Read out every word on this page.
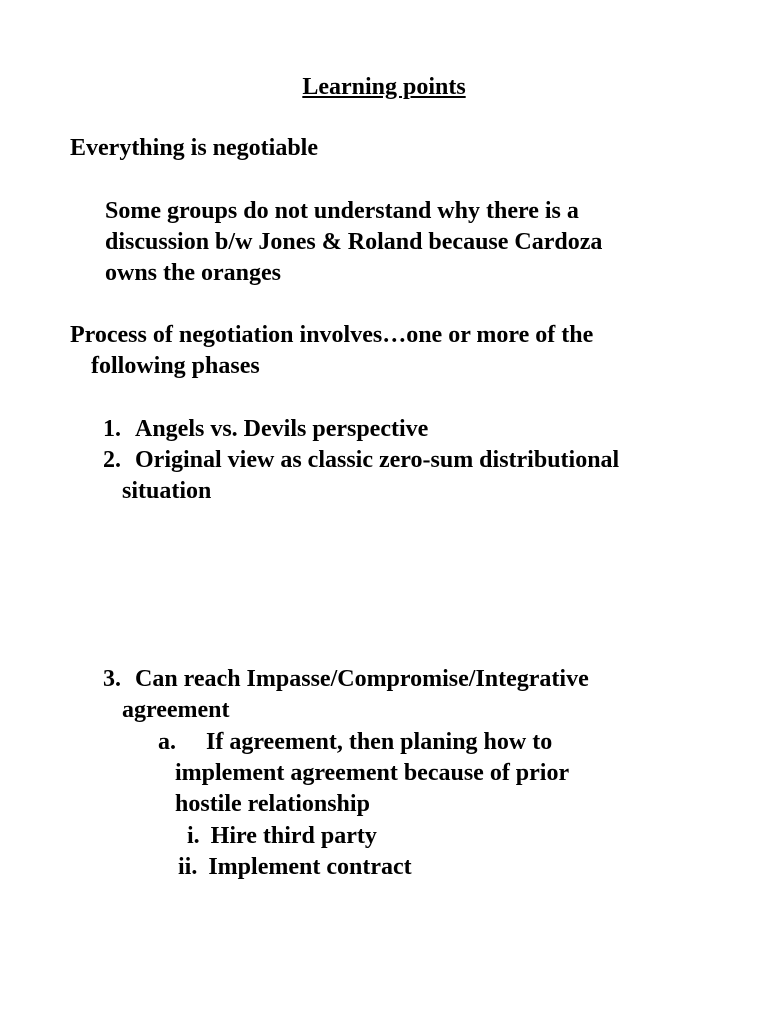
Learning points
Everything is negotiable
Some groups do not understand why there is a
discussion b/w Jones & Roland because Cardoza
owns the oranges
Process of negotiation involves…one or more of the
following phases
1. Angels vs. Devils perspective
2. Original view as classic zero-sum distributional
situation
3. Can reach Impasse/Compromise/Integrative
agreement
a. If agreement, then planing how to
implement agreement because of prior
hostile relationship
i. Hire third party
ii. Implement contract
